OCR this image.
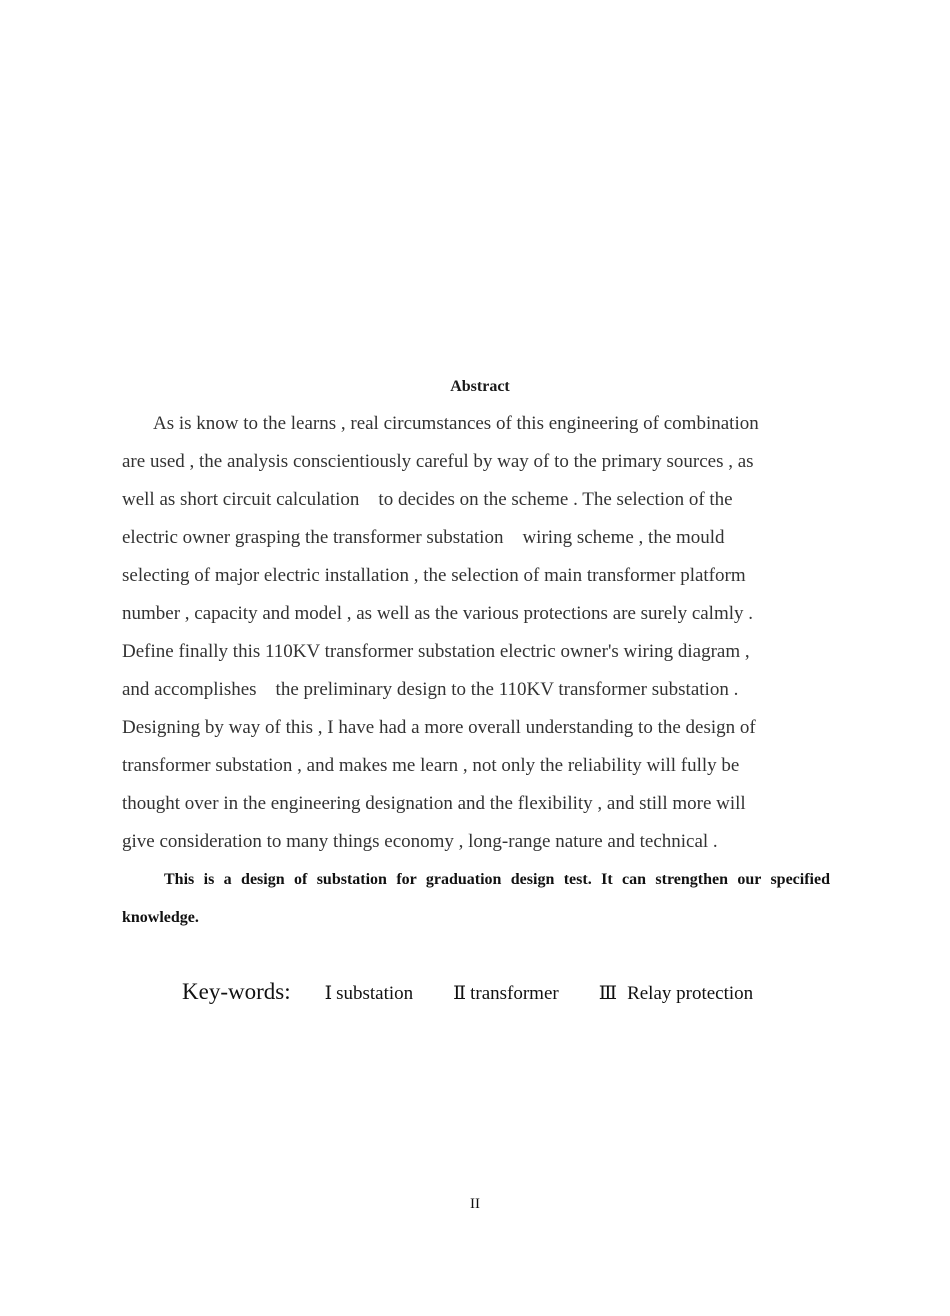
Abstract
As is know to the learns , real circumstances of this engineering of combination
are used , the analysis conscientiously careful by way of to the primary sources , as
well as short circuit calculation    to decides on the scheme . The selection of the
electric owner grasping the transformer substation    wiring scheme , the mould
selecting of major electric installation , the selection of main transformer platform
number , capacity and model , as well as the various protections are surely calmly .
Define finally this 110KV transformer substation electric owner's wiring diagram ,
and accomplishes    the preliminary design to the 110KV transformer substation .
Designing by way of this , I have had a more overall understanding to the design of
transformer substation , and makes me learn , not only the reliability will fully be
thought over in the engineering designation and the flexibility , and still more will
give consideration to many things economy , long-range nature and technical .
This is a design of substation for graduation design test. It can strengthen our specified
knowledge.
Key-words: Ⅰ substation Ⅱ transformer Ⅲ Relay protection
II
